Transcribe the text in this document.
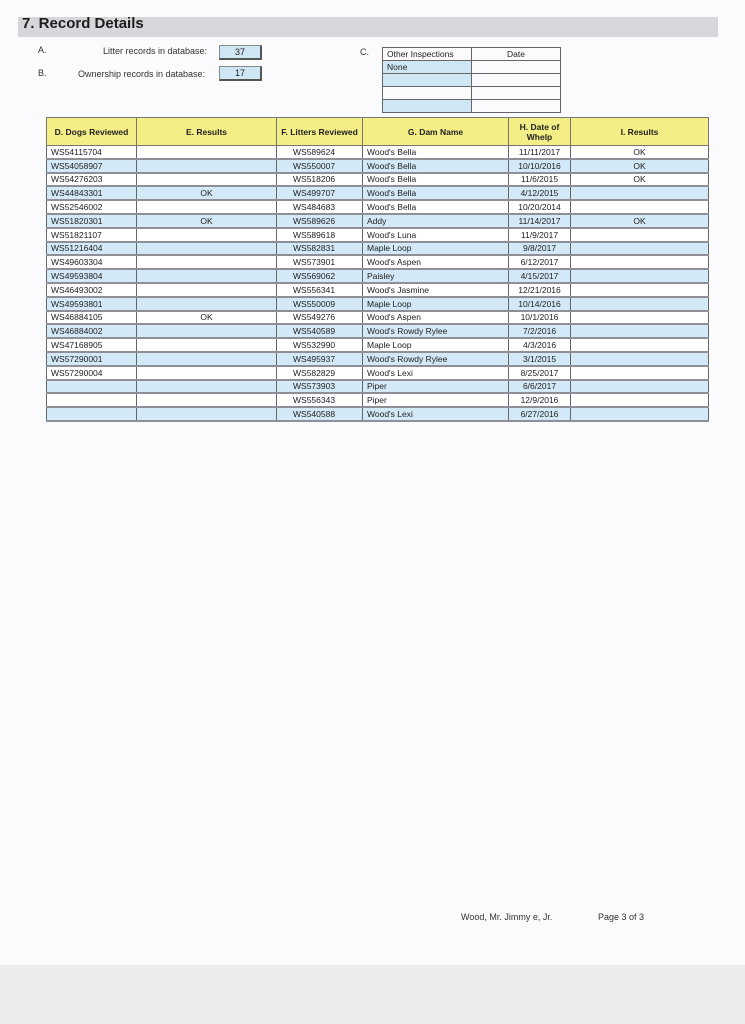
7. Record Details
A.	Litter records in database:	37
B.	Ownership records in database:	17
C. Other Inspections	Date
None	

D. Dogs Reviewed	E. Results	F. Litters Reviewed	G. Dam Name	H. Date of Whelp	I. Results
WS54115704		WS589624	Wood's Bella	11/11/2017	OK
WS54058907		WS550007	Wood's Bella	10/10/2016	OK
WS54276203		WS518206	Wood's Bella	11/6/2015	OK
WS44843301	OK	WS499707	Wood's Bella	4/12/2015	
WS52546002		WS484683	Wood's Bella	10/20/2014	
WS51820301	OK	WS589626	Addy	11/14/2017	OK
WS51821107		WS589618	Wood's Luna	11/9/2017	
WS51216404		WS582831	Maple Loop	9/8/2017	
WS49603304		WS573901	Wood's Aspen	6/12/2017	
WS49593804		WS569062	Paisley	4/15/2017	
WS46493002		WS556341	Wood's Jasmine	12/21/2016	
WS49593801		WS550009	Maple Loop	10/14/2016	
WS46884105	OK	WS549276	Wood's Aspen	10/1/2016	
WS46884002		WS540589	Wood's Rowdy Rylee	7/2/2016	
WS47168905		WS532990	Maple Loop	4/3/2016	
WS57290001		WS495937	Wood's Rowdy Rylee	3/1/2015	
WS57290004		WS582829	Wood's Lexi	8/25/2017	
		WS573903	Piper	6/6/2017	
		WS556343	Piper	12/9/2016	
		WS540588	Wood's Lexi	6/27/2016	
Wood, Mr. Jimmy e, Jr.	Page 3 of 3
